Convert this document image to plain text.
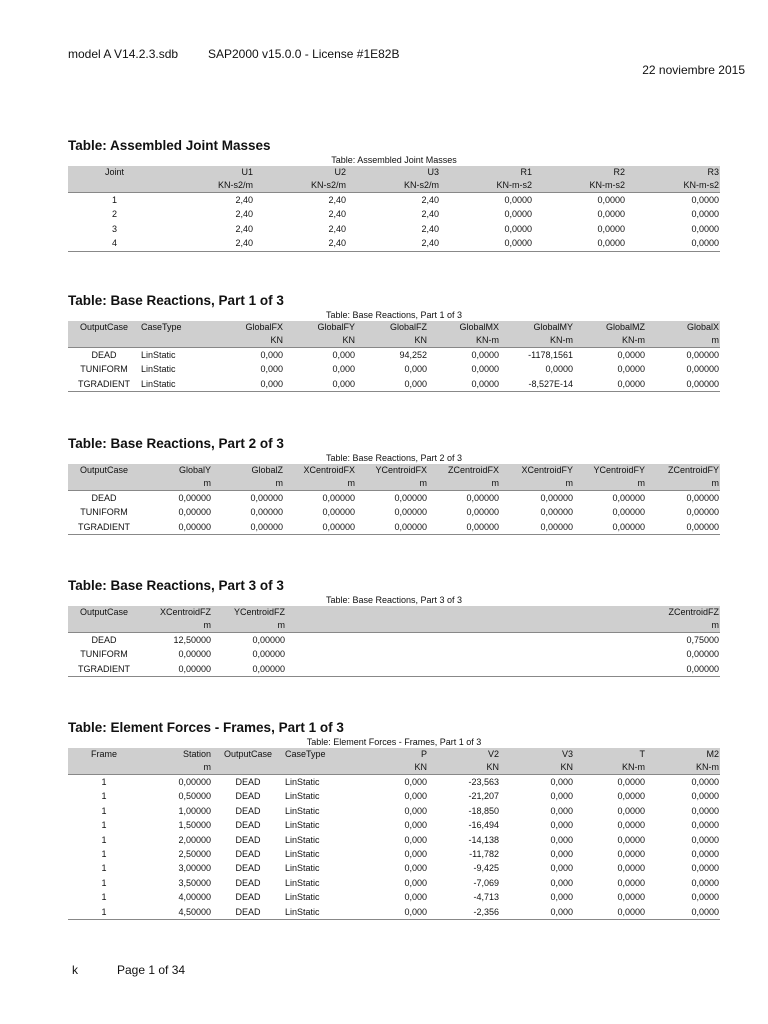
model A V14.2.3.sdb SAP2000 v15.0.0 - License #1E82B
22 noviembre 2015
Table: Assembled Joint Masses
Table: Assembled Joint Masses
Joint	U1	U2	U3	R1	R2	R3
	KN-s2/m	KN-s2/m	KN-s2/m	KN-m-s2	KN-m-s2	KN-m-s2
1	2,40	2,40	2,40	0,0000	0,0000	0,0000
2	2,40	2,40	2,40	0,0000	0,0000	0,0000
3	2,40	2,40	2,40	0,0000	0,0000	0,0000
4	2,40	2,40	2,40	0,0000	0,0000	0,0000
Table: Base Reactions, Part 1 of 3
Table: Base Reactions, Part 1 of 3
OutputCase	CaseType	GlobalFX	GlobalFY	GlobalFZ	GlobalMX	GlobalMY	GlobalMZ	GlobalX
		KN	KN	KN	KN-m	KN-m	KN-m	m
DEAD	LinStatic	0,000	0,000	94,252	0,0000	-1178,1561	0,0000	0,00000
TUNIFORM	LinStatic	0,000	0,000	0,000	0,0000	0,0000	0,0000	0,00000
TGRADIENT	LinStatic	0,000	0,000	0,000	0,0000	-8,527E-14	0,0000	0,00000
Table: Base Reactions, Part 2 of 3
Table: Base Reactions, Part 2 of 3
OutputCase	GlobalY	GlobalZ	XCentroidFX	YCentroidFX	ZCentroidFX	XCentroidFY	YCentroidFY	ZCentroidFY
	m	m	m	m	m	m	m	m
DEAD	0,00000	0,00000	0,00000	0,00000	0,00000	0,00000	0,00000	0,00000
TUNIFORM	0,00000	0,00000	0,00000	0,00000	0,00000	0,00000	0,00000	0,00000
TGRADIENT	0,00000	0,00000	0,00000	0,00000	0,00000	0,00000	0,00000	0,00000
Table: Base Reactions, Part 3 of 3
Table: Base Reactions, Part 3 of 3
OutputCase	XCentroidFZ	YCentroidFZ		ZCentroidFZ
	m	m		m
DEAD	12,50000	0,00000		0,75000
TUNIFORM	0,00000	0,00000		0,00000
TGRADIENT	0,00000	0,00000		0,00000
Table: Element Forces - Frames, Part 1 of 3
Table: Element Forces - Frames, Part 1 of 3
Frame	Station	OutputCase	CaseType	P	V2	V3	T	M2
	m			KN	KN	KN	KN-m	KN-m
1	0,00000	DEAD	LinStatic	0,000	-23,563	0,000	0,0000	0,0000
1	0,50000	DEAD	LinStatic	0,000	-21,207	0,000	0,0000	0,0000
1	1,00000	DEAD	LinStatic	0,000	-18,850	0,000	0,0000	0,0000
1	1,50000	DEAD	LinStatic	0,000	-16,494	0,000	0,0000	0,0000
1	2,00000	DEAD	LinStatic	0,000	-14,138	0,000	0,0000	0,0000
1	2,50000	DEAD	LinStatic	0,000	-11,782	0,000	0,0000	0,0000
1	3,00000	DEAD	LinStatic	0,000	-9,425	0,000	0,0000	0,0000
1	3,50000	DEAD	LinStatic	0,000	-7,069	0,000	0,0000	0,0000
1	4,00000	DEAD	LinStatic	0,000	-4,713	0,000	0,0000	0,0000
1	4,50000	DEAD	LinStatic	0,000	-2,356	0,000	0,0000	0,0000
k	Page 1 of 34
